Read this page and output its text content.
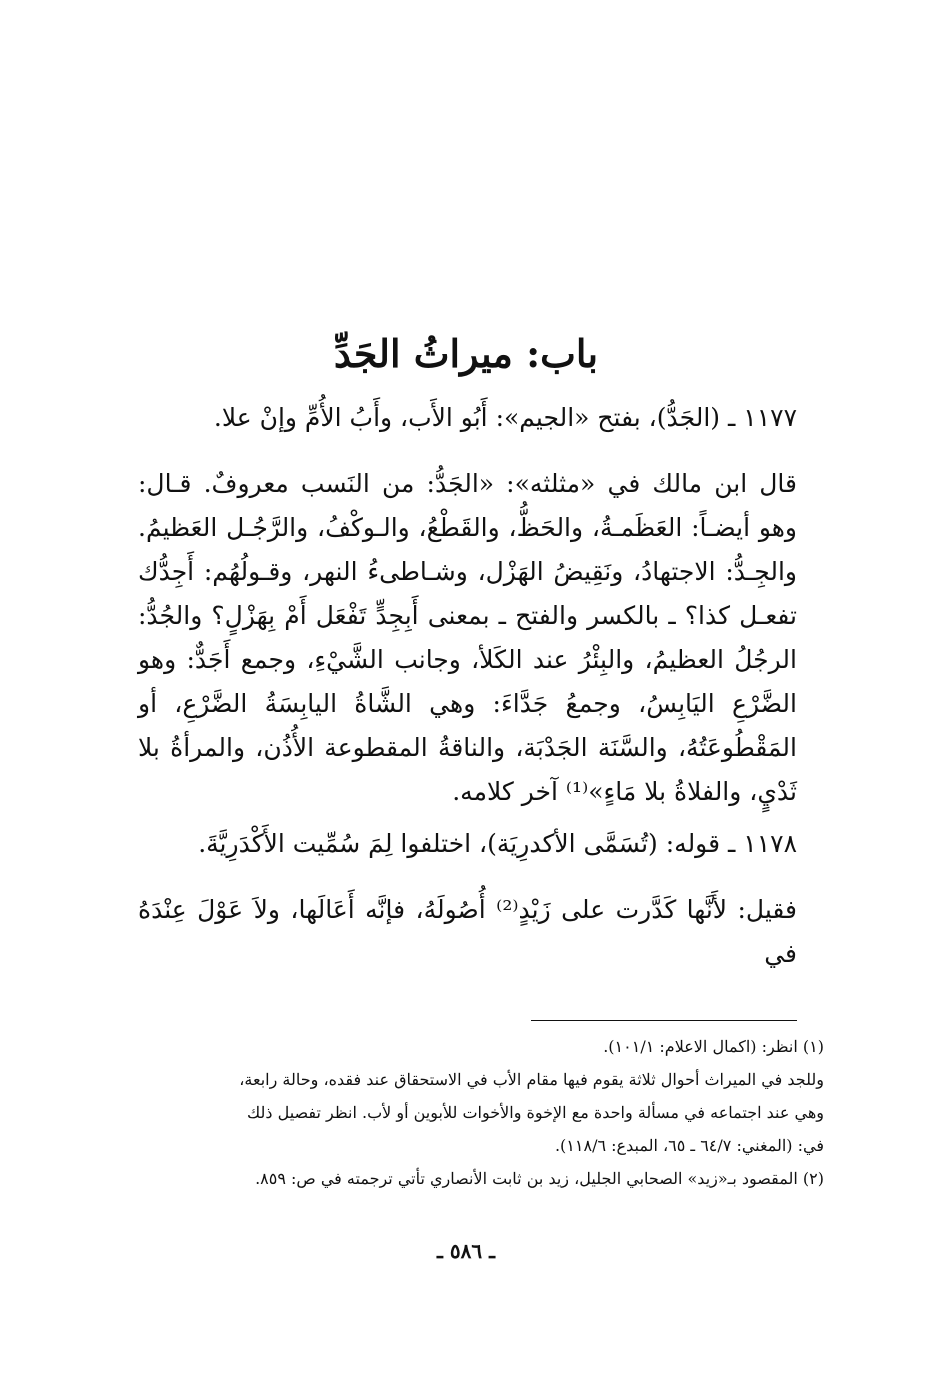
باب: ميراثُ الجَدِّ
١١٧٧ ـ (الجَدُّ)، بفتح «الجيم»: أَبُو الأَب، وأَبُ الأُمِّ وإنْ علا.
قال ابن مالك في «مثلثه»: «الجَدُّ: من النَسب معروفٌ. قـال: وهو أيضـاً: العَظَمـةُ، والحَظُّ، والقَطْعُ، والـوكْفُ، والرَّجُـل العَظيمُ. والجِـدُّ: الاجتهادُ، ونَقِيضُ الهَزْل، وشـاطىءُ النهر، وقـولُهُم: أَجِدُّك تفعـل كذا؟ ـ بالكسر والفتح ـ بمعنى أَبِجِدٍّ تَفْعَل أَمْ بِهَزْلٍ؟ والجُدُّ: الرجُلُ العظيمُ، والبِئْرُ عند الكَلأ، وجانب الشَّيْءِ، وجمع أَجَدٌّ: وهو الضَّرْعِ اليَابِسُ، وجمعُ جَدَّاءَ: وهي الشَّاةُ اليابِسَةُ الضَّرْعِ، أو المَقْطُوعَتُهُ، والسَّنَة الجَدْبَة، والناقةُ المقطوعة الأُذُن، والمرأةُ بلا ثَدْيٍ، والفلاةُ بلا مَاءٍ»⁽¹⁾ آخر كلامه.
١١٧٨ ـ قوله: (تُسَمَّى الأكدرِيَة)، اختلفوا لِمَ سُمِّيت الأَكْدَرِيَّةَ.
فقيل: لأَنَّها كَدَّرت على زَيْدٍ⁽²⁾ أُصُولَهُ، فإنَّه أَعَالَها، ولاَ عَوْلَ عِنْدَهُ في
(١) انظر: (اكمال الاعلام: ١٠١/١).
وللجد في الميراث أحوال ثلاثة يقوم فيها مقام الأب في الاستحقاق عند فقده، وحالة رابعة،
وهي عند اجتماعه في مسألة واحدة مع الإخوة والأخوات للأبوين أو لأب. انظر تفصيل ذلك
في: (المغني: ٦٤/٧ ـ ٦٥، المبدع: ١١٨/٦).
(٢) المقصود بـ«زيد» الصحابي الجليل، زيد بن ثابت الأنصاري تأتي ترجمته في ص: ٨٥٩.
ـ ٥٨٦ ـ
